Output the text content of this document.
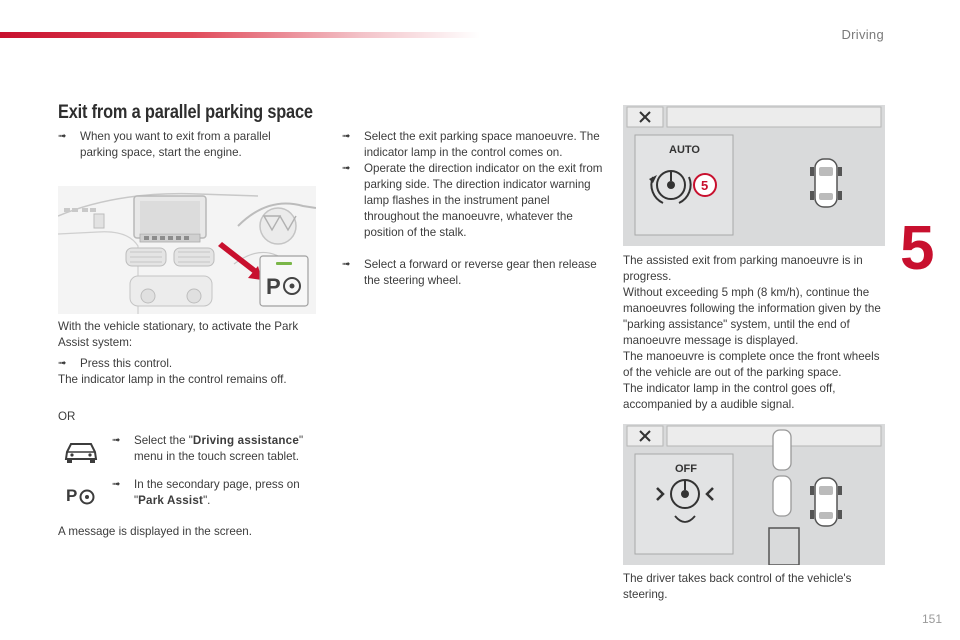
Driving
5
151
Exit from a parallel parking space
➟ When you want to exit from a parallel parking space, start the engine.
P
With the vehicle stationary, to activate the Park Assist system:
➟ Press this control.
The indicator lamp in the control remains off.
OR
➟ Select the "Driving assistance" menu in the touch screen tablet.
P
➟ In the secondary page, press on "Park Assist".
A message is displayed in the screen.
➟ Select the exit parking space manoeuvre. The indicator lamp in the control comes on.
➟ Operate the direction indicator on the exit from parking side. The direction indicator warning lamp flashes in the instrument panel throughout the manoeuvre, whatever the position of the stalk.
➟ Select a forward or reverse gear then release the steering wheel.
AUTO
5
The assisted exit from parking manoeuvre is in progress.
Without exceeding 5 mph (8 km/h), continue the manoeuvres following the information given by the "parking assistance" system, until the end of manoeuvre message is displayed.
The manoeuvre is complete once the front wheels of the vehicle are out of the parking space.
The indicator lamp in the control goes off, accompanied by a audible signal.
OFF
The driver takes back control of the vehicle's steering.
